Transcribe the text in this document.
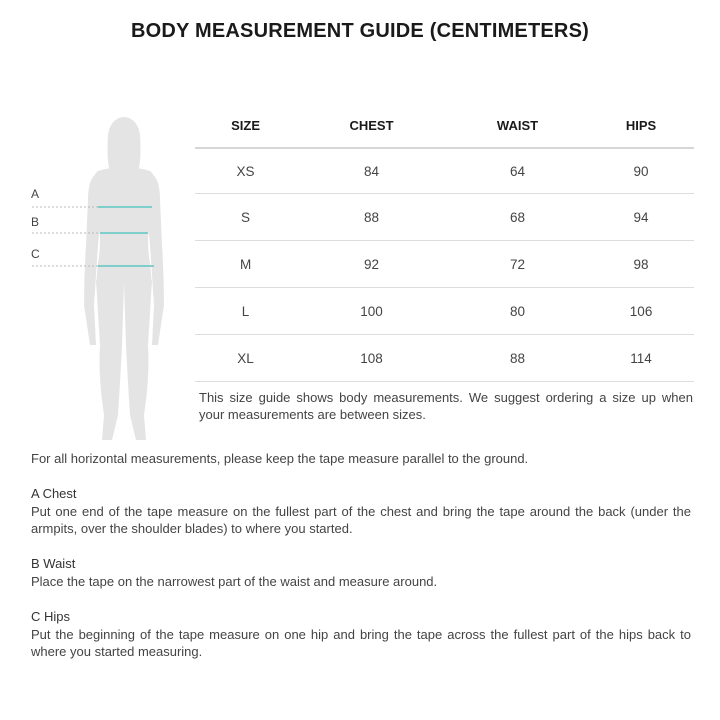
BODY MEASUREMENT GUIDE (CENTIMETERS)
A
B
C
SIZE	CHEST	WAIST	HIPS
XS	84	64	90
S	88	68	94
M	92	72	98
L	100	80	106
XL	108	88	114
This size guide shows body measurements. We suggest ordering a size up when your measurements are between sizes.
For all horizontal measurements, please keep the tape measure parallel to the ground.
A Chest
Put one end of the tape measure on the fullest part of the chest and bring the tape around the back (under the armpits, over the shoulder blades) to where you started.
B Waist
Place the tape on the narrowest part of the waist and measure around.
C Hips
Put the beginning of the tape measure on one hip and bring the tape across the fullest part of the hips back to where you started measuring.
